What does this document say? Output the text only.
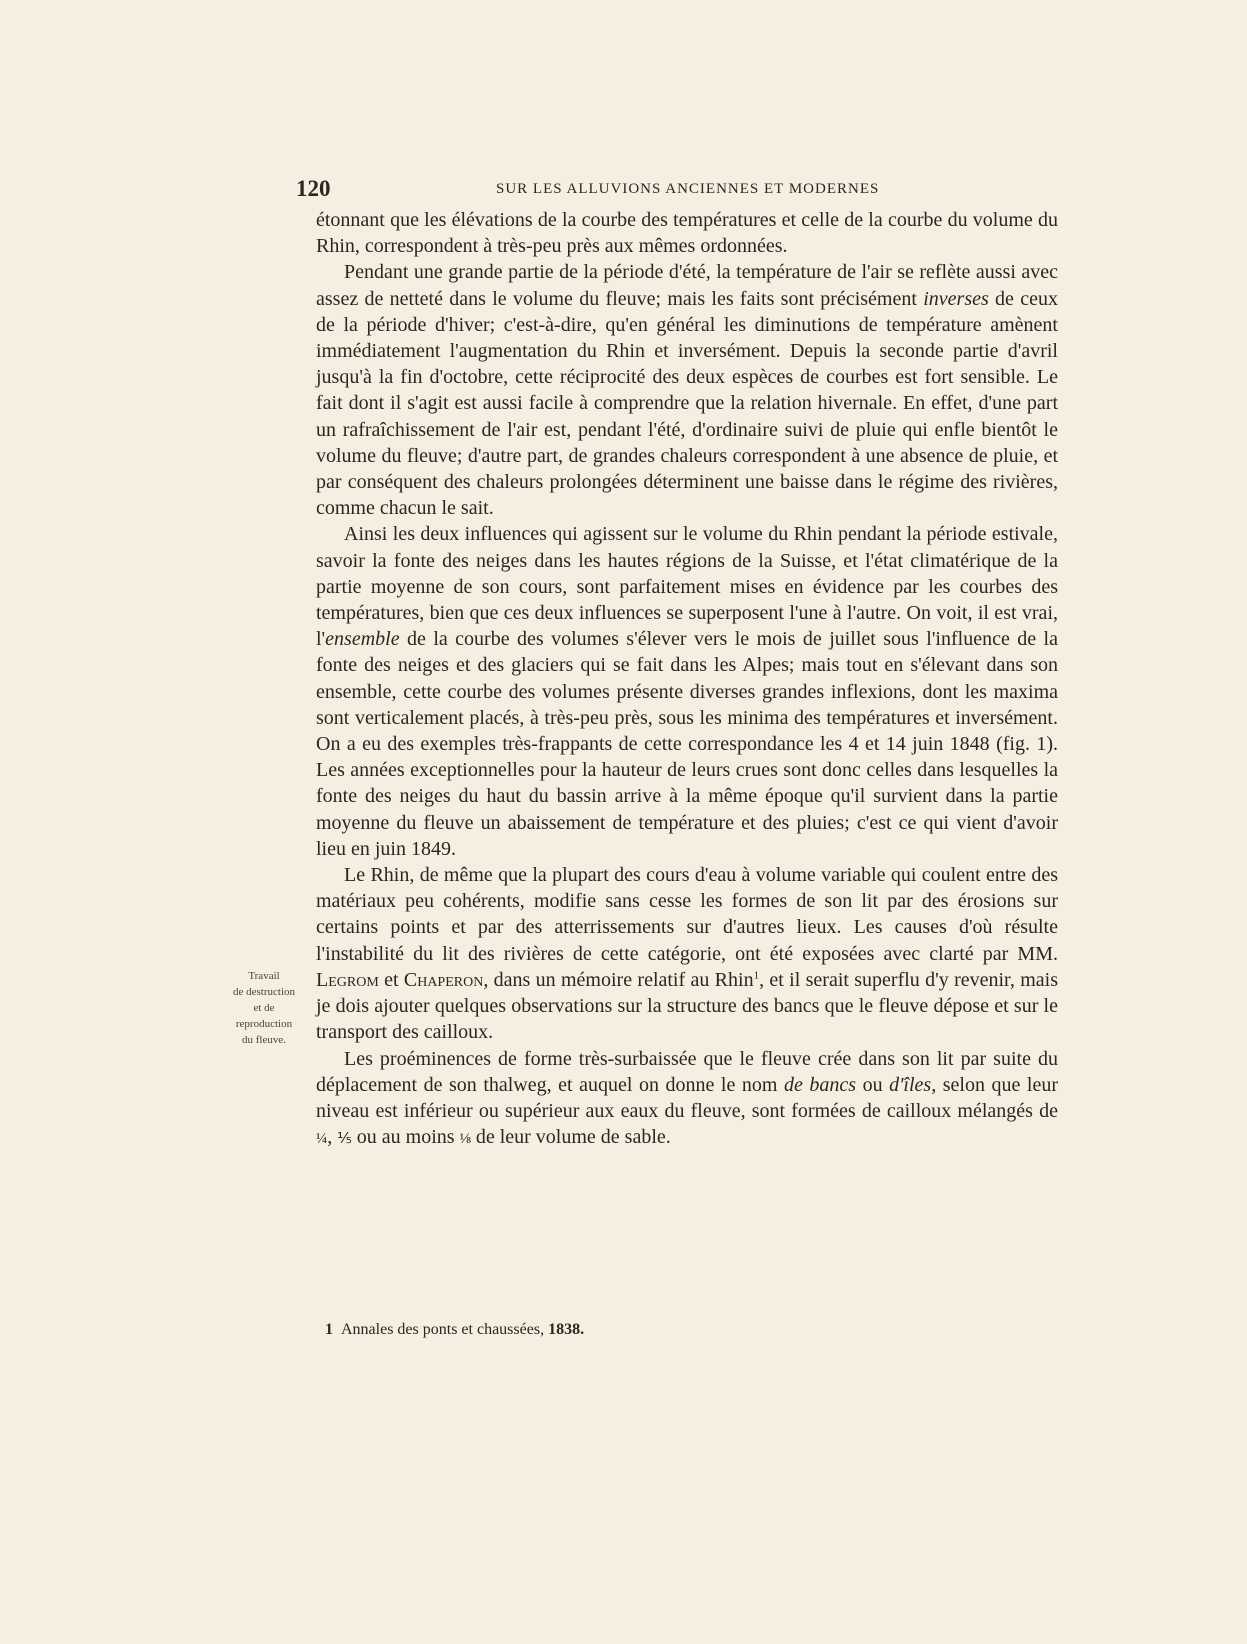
120	SUR LES ALLUVIONS ANCIENNES ET MODERNES

étonnant que les élévations de la courbe des températures et celle de la courbe du volume du Rhin, correspondent à très-peu près aux mêmes ordonnées.

Pendant une grande partie de la période d'été, la température de l'air se reflète aussi avec assez de netteté dans le volume du fleuve; mais les faits sont précisément inverses de ceux de la période d'hiver; c'est-à-dire, qu'en général les diminutions de température amènent immédiatement l'augmentation du Rhin et inversément. Depuis la seconde partie d'avril jusqu'à la fin d'octobre, cette réciprocité des deux espèces de courbes est fort sensible. Le fait dont il s'agit est aussi facile à comprendre que la relation hivernale. En effet, d'une part un rafraîchissement de l'air est, pendant l'été, d'ordinaire suivi de pluie qui enfle bientôt le volume du fleuve; d'autre part, de grandes chaleurs correspondent à une absence de pluie, et par conséquent des chaleurs prolongées déterminent une baisse dans le régime des rivières, comme chacun le sait.

Ainsi les deux influences qui agissent sur le volume du Rhin pendant la période estivale, savoir la fonte des neiges dans les hautes régions de la Suisse, et l'état climatérique de la partie moyenne de son cours, sont parfaitement mises en évidence par les courbes des températures, bien que ces deux influences se superposent l'une à l'autre. On voit, il est vrai, l'ensemble de la courbe des volumes s'élever vers le mois de juillet sous l'influence de la fonte des neiges et des glaciers qui se fait dans les Alpes; mais tout en s'élevant dans son ensemble, cette courbe des volumes présente diverses grandes inflexions, dont les maxima sont verticalement placés, à très-peu près, sous les minima des températures et inversément. On a eu des exemples très-frappants de cette correspondance les 4 et 14 juin 1848 (fig. 1). Les années exceptionnelles pour la hauteur de leurs crues sont donc celles dans lesquelles la fonte des neiges du haut du bassin arrive à la même époque qu'il survient dans la partie moyenne du fleuve un abaissement de température et des pluies; c'est ce qui vient d'avoir lieu en juin 1849.

Le Rhin, de même que la plupart des cours d'eau à volume variable qui coulent entre des matériaux peu cohérents, modifie sans cesse les formes de son lit par des érosions sur certains points et par des atterrissements sur d'autres lieux. Les causes d'où résulte l'instabilité du lit des rivières de cette catégorie, ont été exposées avec clarté par MM. Legrom et Chaperon, dans un mémoire relatif au Rhin$^1$, et il serait superflu d'y revenir, mais je dois ajouter quelques observations sur la structure des bancs que le fleuve dépose et sur le transport des cailloux.

Les proéminences de forme très-surbaissée que le fleuve crée dans son lit par suite du déplacement de son thalweg, et auquel on donne le nom de bancs ou d'îles, selon que leur niveau est inférieur ou supérieur aux eaux du fleuve, sont formées de cailloux mélangés de ¼, ⅕ ou au moins ⅛ de leur volume de sable.

Travail
de destruction
et de
reproduction
du fleuve.
1 Annales des ponts et chaussées, 1838.
